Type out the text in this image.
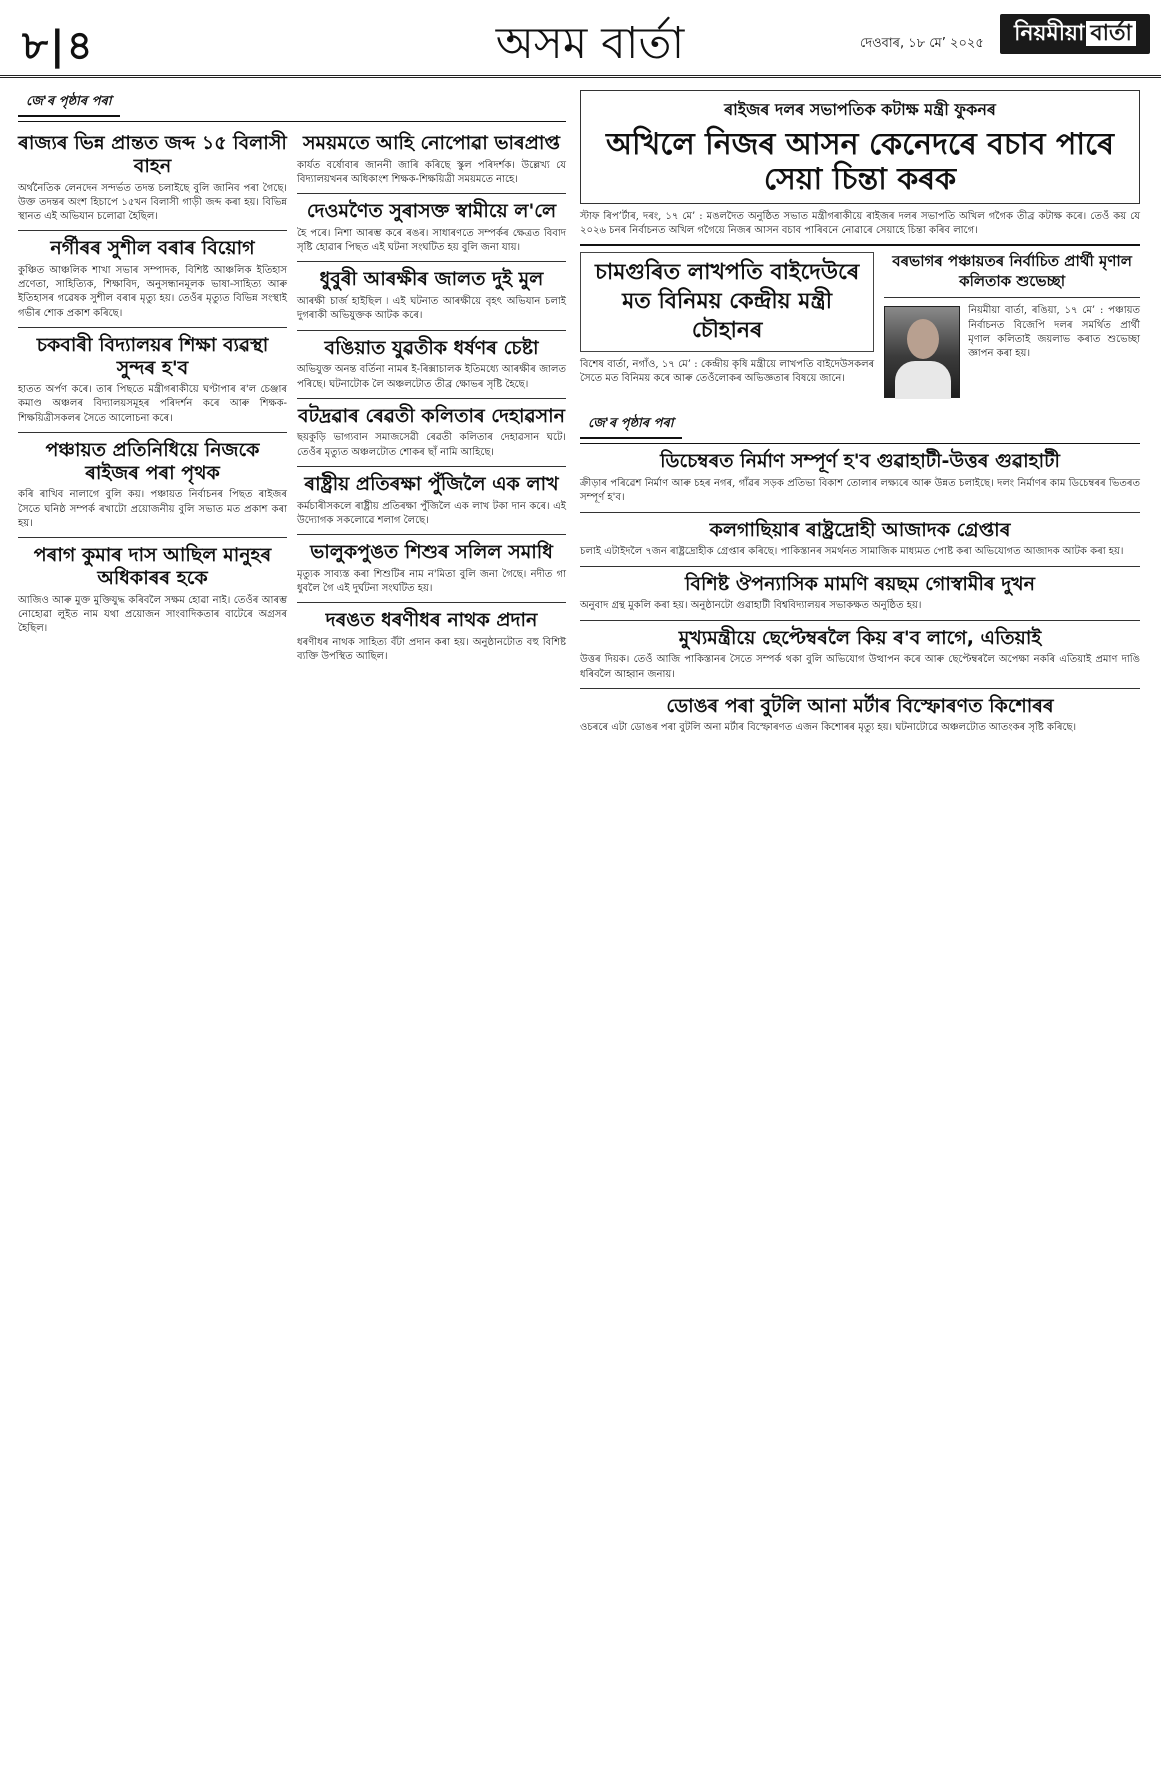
৮|৪	অসম বাৰ্তা	দেওবাৰ, ১৮ মে’ ২০২৫	নিয়মীয়া বাৰ্তা
জে'ৰ পৃষ্ঠাৰ পৰা
ৰাজ্যৰ ভিন্ন প্ৰান্তত জব্দ ১৫ বিলাসী বাহন

অৰ্থনৈতিক লেনদেন সন্দৰ্ভত তদন্ত চলাইছে বুলি জানিব পৰা গৈছে। উক্ত তদন্তৰ অংশ হিচাপে ১৫খন বিলাসী গাড়ী জব্দ কৰা হয়। বিভিন্ন স্থানত এই অভিযান চলোৱা হৈছিল।

নৰ্গীৰৰ সুশীল বৰাৰ বিয়োগ

কুঞ্চিত আঞ্চলিক শাখা সভাৰ সম্পাদক, বিশিষ্ট আঞ্চলিক ইতিহাস প্ৰণেতা, সাহিত্যিক, শিক্ষাবিদ, অনুসন্ধানমূলক ভাষা-সাহিত্য আৰু ইতিহাসৰ গৱেষক সুশীল বৰাৰ মৃত্যু হয়। তেওঁৰ মৃত্যুত বিভিন্ন সংস্থাই গভীৰ শোক প্ৰকাশ কৰিছে।

চকবাৰী বিদ্যালয়ৰ শিক্ষা ব্যৱস্থা সুন্দৰ হ'ব

হাতত অৰ্পণ কৰে। তাৰ পিছতে মন্ত্ৰীগৰাকীয়ে ঘণ্টাপাৰ ৰ'ল চেঞ্জাৰ কমাণ্ড অঞ্চলৰ বিদ্যালয়সমূহৰ পৰিদৰ্শন কৰে আৰু শিক্ষক-শিক্ষয়িত্ৰীসকলৰ সৈতে আলোচনা কৰে।

পঞ্চায়ত প্ৰতিনিধিয়ে নিজকে ৰাইজৰ পৰা পৃথক

কৰি ৰাখিব নালাগে বুলি কয়। পঞ্চায়ত নিৰ্বাচনৰ পিছত ৰাইজৰ সৈতে ঘনিষ্ঠ সম্পৰ্ক ৰখাটো প্ৰয়োজনীয় বুলি সভাত মত প্ৰকাশ কৰা হয়।

পৰাগ কুমাৰ দাস আছিল মানুহৰ অধিকাৰৰ হকে

আজিও আৰু মুক্ত মুক্তিযুদ্ধ কৰিবলৈ সক্ষম হোৱা নাই। তেওঁৰ আৰম্ভ নোহোৱা লুইত নাম যথা প্ৰয়োজন সাংবাদিকতাৰ বাটেৰে অগ্ৰসৰ হৈছিল।

সময়মতে আহি নোপোৱা ভাৰপ্ৰাপ্ত

কাৰ্যত বৰ্ষোবাৰ জাননী জাৰি কৰিছে স্কুল পৰিদৰ্শক। উল্লেখ্য যে বিদ্যালয়খনৰ অধিকাংশ শিক্ষক-শিক্ষয়িত্ৰী সময়মতে নাহে।

দেওমণৈত সুৰাসক্ত স্বামীয়ে ল'লে

হৈ পৰে। নিশা আৰম্ভ কৰে ৰঙৰ। সাধাৰণতে সম্পৰ্কৰ ক্ষেত্ৰত বিবাদ সৃষ্টি হোৱাৰ পিছত এই ঘটনা সংঘটিত হয় বুলি জনা যায়।

ধুবুৰী আৰক্ষীৰ জালত দুই মুল

আৰক্ষী চাৰ্জ হাইছিল ৷ এই ঘটনাত আৰক্ষীয়ে বৃহৎ অভিযান চলাই দুগৰাকী অভিযুক্তক আটক কৰে।

বঙিয়াত যুৱতীক ধৰ্ষণৰ চেষ্টা

অভিযুক্ত অনন্ত বৰ্তিনা নামৰ ই-ৰিক্সাচালক ইতিমধ্যে আৰক্ষীৰ জালত পৰিছে। ঘটনাটোক লৈ অঞ্চলটোত তীব্ৰ ক্ষোভৰ সৃষ্টি হৈছে।

বটদ্ৰৱাৰ ৰেৱতী কলিতাৰ দেহাৱসান

ছয়কুড়ি ভাগ্যবান সমাজসেৱী ৰেৱতী কলিতাৰ দেহাৱসান ঘটে। তেওঁৰ মৃত্যুত অঞ্চলটোত শোকৰ ছাঁ নামি আহিছে।

ৰাষ্ট্ৰীয় প্ৰতিৰক্ষা পুঁজিলৈ এক লাখ

কৰ্মচাৰীসকলে ৰাষ্ট্ৰীয় প্ৰতিৰক্ষা পুঁজিলৈ এক লাখ টকা দান কৰে। এই উদ্যোগক সকলোৱে শলাগ লৈছে।

ভালুকপুঙত শিশুৰ সলিল সমাধি

মৃত্যুক সাব্যস্ত কৰা শিশুটিৰ নাম ন'মিতা বুলি জনা গৈছে। নদীত গা ধুবলৈ গৈ এই দুৰ্ঘটনা সংঘটিত হয়।

দৰঙত ধৰণীধৰ নাথক প্ৰদান

ধৰণীধৰ নাথক সাহিত্য বঁটা প্ৰদান কৰা হয়। অনুষ্ঠানটোত বহু বিশিষ্ট ব্যক্তি উপস্থিত আছিল।

ৰাইজৰ দলৰ সভাপতিক কটাক্ষ মন্ত্ৰী ফুকনৰ
অখিলে নিজৰ আসন কেনেদৰে বচাব পাৰে সেয়া চিন্তা কৰক

স্টাফ ৰিপ’ৰ্টাৰ, দৰং, ১৭ মে’ : মঙলদৈত অনুষ্ঠিত সভাত মন্ত্ৰীগৰাকীয়ে ৰাইজৰ দলৰ সভাপতি অখিল গগৈক তীব্ৰ কটাক্ষ কৰে। তেওঁ কয় যে ২০২৬ চনৰ নিৰ্বাচনত অখিল গগৈয়ে নিজৰ আসন বচাব পাৰিবনে নোৱাৰে সেয়াহে চিন্তা কৰিব লাগে।

চামগুৰিত লাখপতি বাইদেউৰে মত বিনিময় কেন্দ্ৰীয় মন্ত্ৰী চৌহানৰ

বিশেষ বাৰ্তা, নগাঁও, ১৭ মে’ : কেন্দ্ৰীয় কৃষি মন্ত্ৰীয়ে লাখপতি বাইদেউসকলৰ সৈতে মত বিনিময় কৰে আৰু তেওঁলোকৰ অভিজ্ঞতাৰ বিষয়ে জানে।

বৰভাগৰ পঞ্চায়তৰ নিৰ্বাচিত প্ৰাৰ্থী মৃণাল কলিতাক শুভেচ্ছা

নিয়মীয়া বাৰ্তা, ৰঙিয়া, ১৭ মে’ : পঞ্চায়ত নিৰ্বাচনত বিজেপি দলৰ সমৰ্থিত প্ৰাৰ্থী মৃণাল কলিতাই জয়লাভ কৰাত শুভেচ্ছা জ্ঞাপন কৰা হয়।

জে'ৰ পৃষ্ঠাৰ পৰা
ডিচেম্বৰত নিৰ্মাণ সম্পূৰ্ণ হ'ব গুৱাহাটী-উত্তৰ গুৱাহাটী

ক্ৰীড়াৰ পৰিৱেশ নিৰ্মাণ আৰু চহৰ নগৰ, গাঁৱৰ সড়ক প্ৰতিভা বিকাশ তোলাৰ লক্ষ্যৰে আৰু উন্নত চলাইছে। দলং নিৰ্মাণৰ কাম ডিচেম্বৰৰ ভিতৰত সম্পূৰ্ণ হ'ব।

কলগাছিয়াৰ ৰাষ্ট্ৰদ্ৰোহী আজাদক গ্ৰেপ্তাৰ

চলাই এটাইদলৈ ৭জন ৰাষ্ট্ৰদ্ৰোহীক গ্ৰেপ্তাৰ কৰিছে। পাকিস্তানৰ সমৰ্থনত সামাজিক মাধ্যমত পোষ্ট কৰা অভিযোগত আজাদক আটক কৰা হয়।

বিশিষ্ট ঔপন্যাসিক মামণি ৰয়ছম গোস্বামীৰ দুখন

অনুবাদ গ্ৰন্থ মুকলি কৰা হয়। অনুষ্ঠানটো গুৱাহাটী বিশ্ববিদ্যালয়ৰ সভাকক্ষত অনুষ্ঠিত হয়।

মুখ্যমন্ত্ৰীয়ে ছেপ্টেম্বৰলৈ কিয় ৰ'ব লাগে, এতিয়াই

উত্তৰ দিয়ক। তেওঁ আজি পাকিস্তানৰ সৈতে সম্পৰ্ক থকা বুলি অভিযোগ উত্থাপন কৰে আৰু ছেপ্টেম্বৰলৈ অপেক্ষা নকৰি এতিয়াই প্ৰমাণ দাঙি ধৰিবলৈ আহ্বান জনায়।

ডোঙৰ পৰা বুটলি আনা মৰ্টাৰ বিস্ফোৰণত কিশোৰৰ

ওচৰৰে এটা ডোঙৰ পৰা বুটলি অনা মৰ্টাৰ বিস্ফোৰণত এজন কিশোৰৰ মৃত্যু হয়। ঘটনাটোৱে অঞ্চলটোত আতংকৰ সৃষ্টি কৰিছে।
